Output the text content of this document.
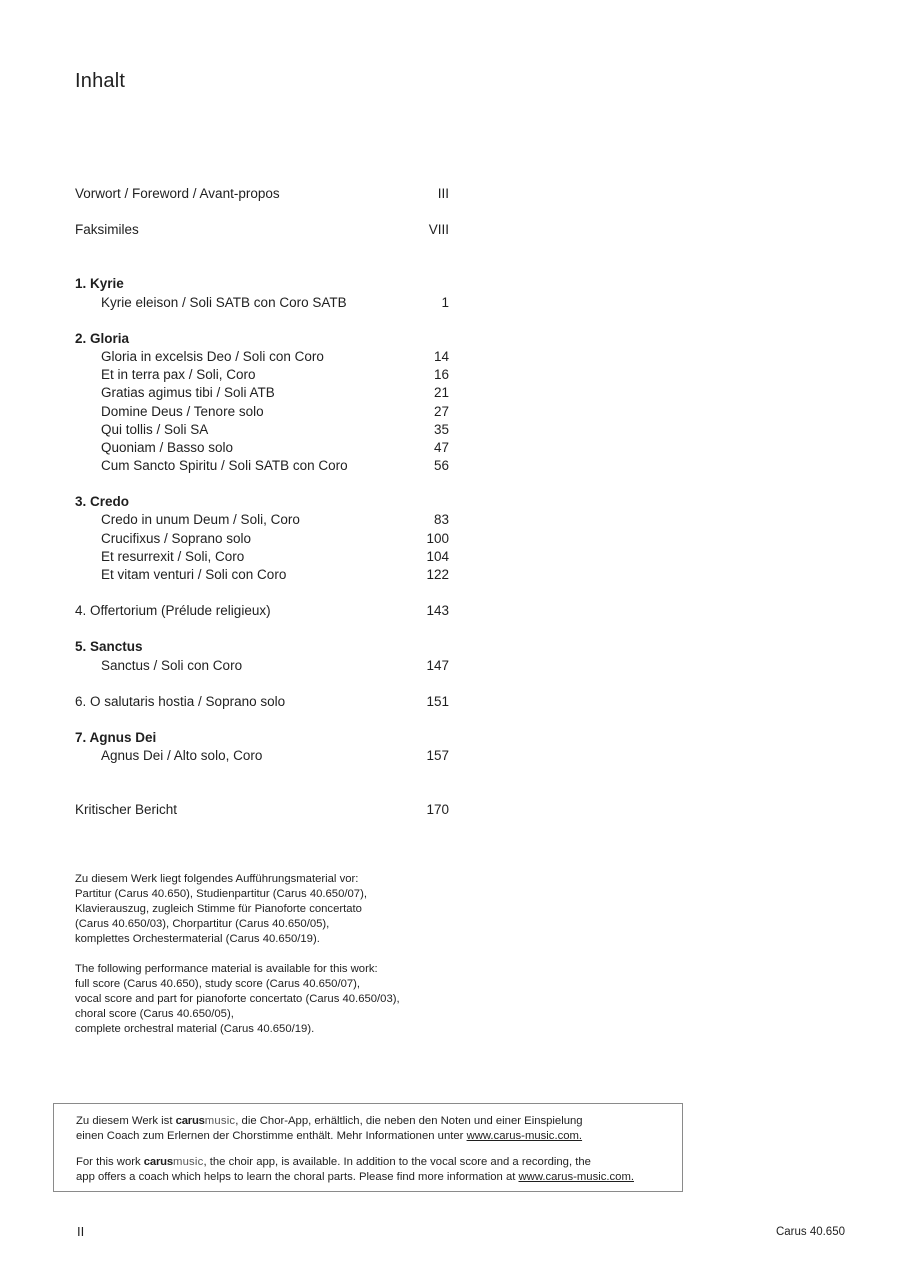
Inhalt
Vorwort / Foreword / Avant-propos	III
Faksimiles	VIII
1. Kyrie
Kyrie eleison / Soli SATB con Coro SATB	1
2. Gloria
Gloria in excelsis Deo / Soli con Coro	14
Et in terra pax / Soli, Coro	16
Gratias agimus tibi / Soli ATB	21
Domine Deus / Tenore solo	27
Qui tollis / Soli SA	35
Quoniam / Basso solo	47
Cum Sancto Spiritu / Soli SATB con Coro	56
3. Credo
Credo in unum Deum / Soli, Coro	83
Crucifixus / Soprano solo	100
Et resurrexit / Soli, Coro	104
Et vitam venturi / Soli con Coro	122
4. Offertorium (Prélude religieux)	143
5. Sanctus
Sanctus / Soli con Coro	147
6. O salutaris hostia / Soprano solo	151
7. Agnus Dei
Agnus Dei / Alto solo, Coro	157
Kritischer Bericht	170
Zu diesem Werk liegt folgendes Aufführungsmaterial vor:
Partitur (Carus 40.650), Studienpartitur (Carus 40.650/07),
Klavierauszug, zugleich Stimme für Pianoforte concertato
(Carus 40.650/03), Chorpartitur (Carus 40.650/05),
komplettes Orchestermaterial (Carus 40.650/19).
The following performance material is available for this work:
full score (Carus 40.650), study score (Carus 40.650/07),
vocal score and part for pianoforte concertato (Carus 40.650/03),
choral score (Carus 40.650/05),
complete orchestral material (Carus 40.650/19).
Zu diesem Werk ist carusmusic, die Chor-App, erhältlich, die neben den Noten und einer Einspielung
einen Coach zum Erlernen der Chorstimme enthält. Mehr Informationen unter www.carus-music.com.
For this work carusmusic, the choir app, is available. In addition to the vocal score and a recording, the
app offers a coach which helps to learn the choral parts. Please find more information at www.carus-music.com.
II	Carus 40.650
